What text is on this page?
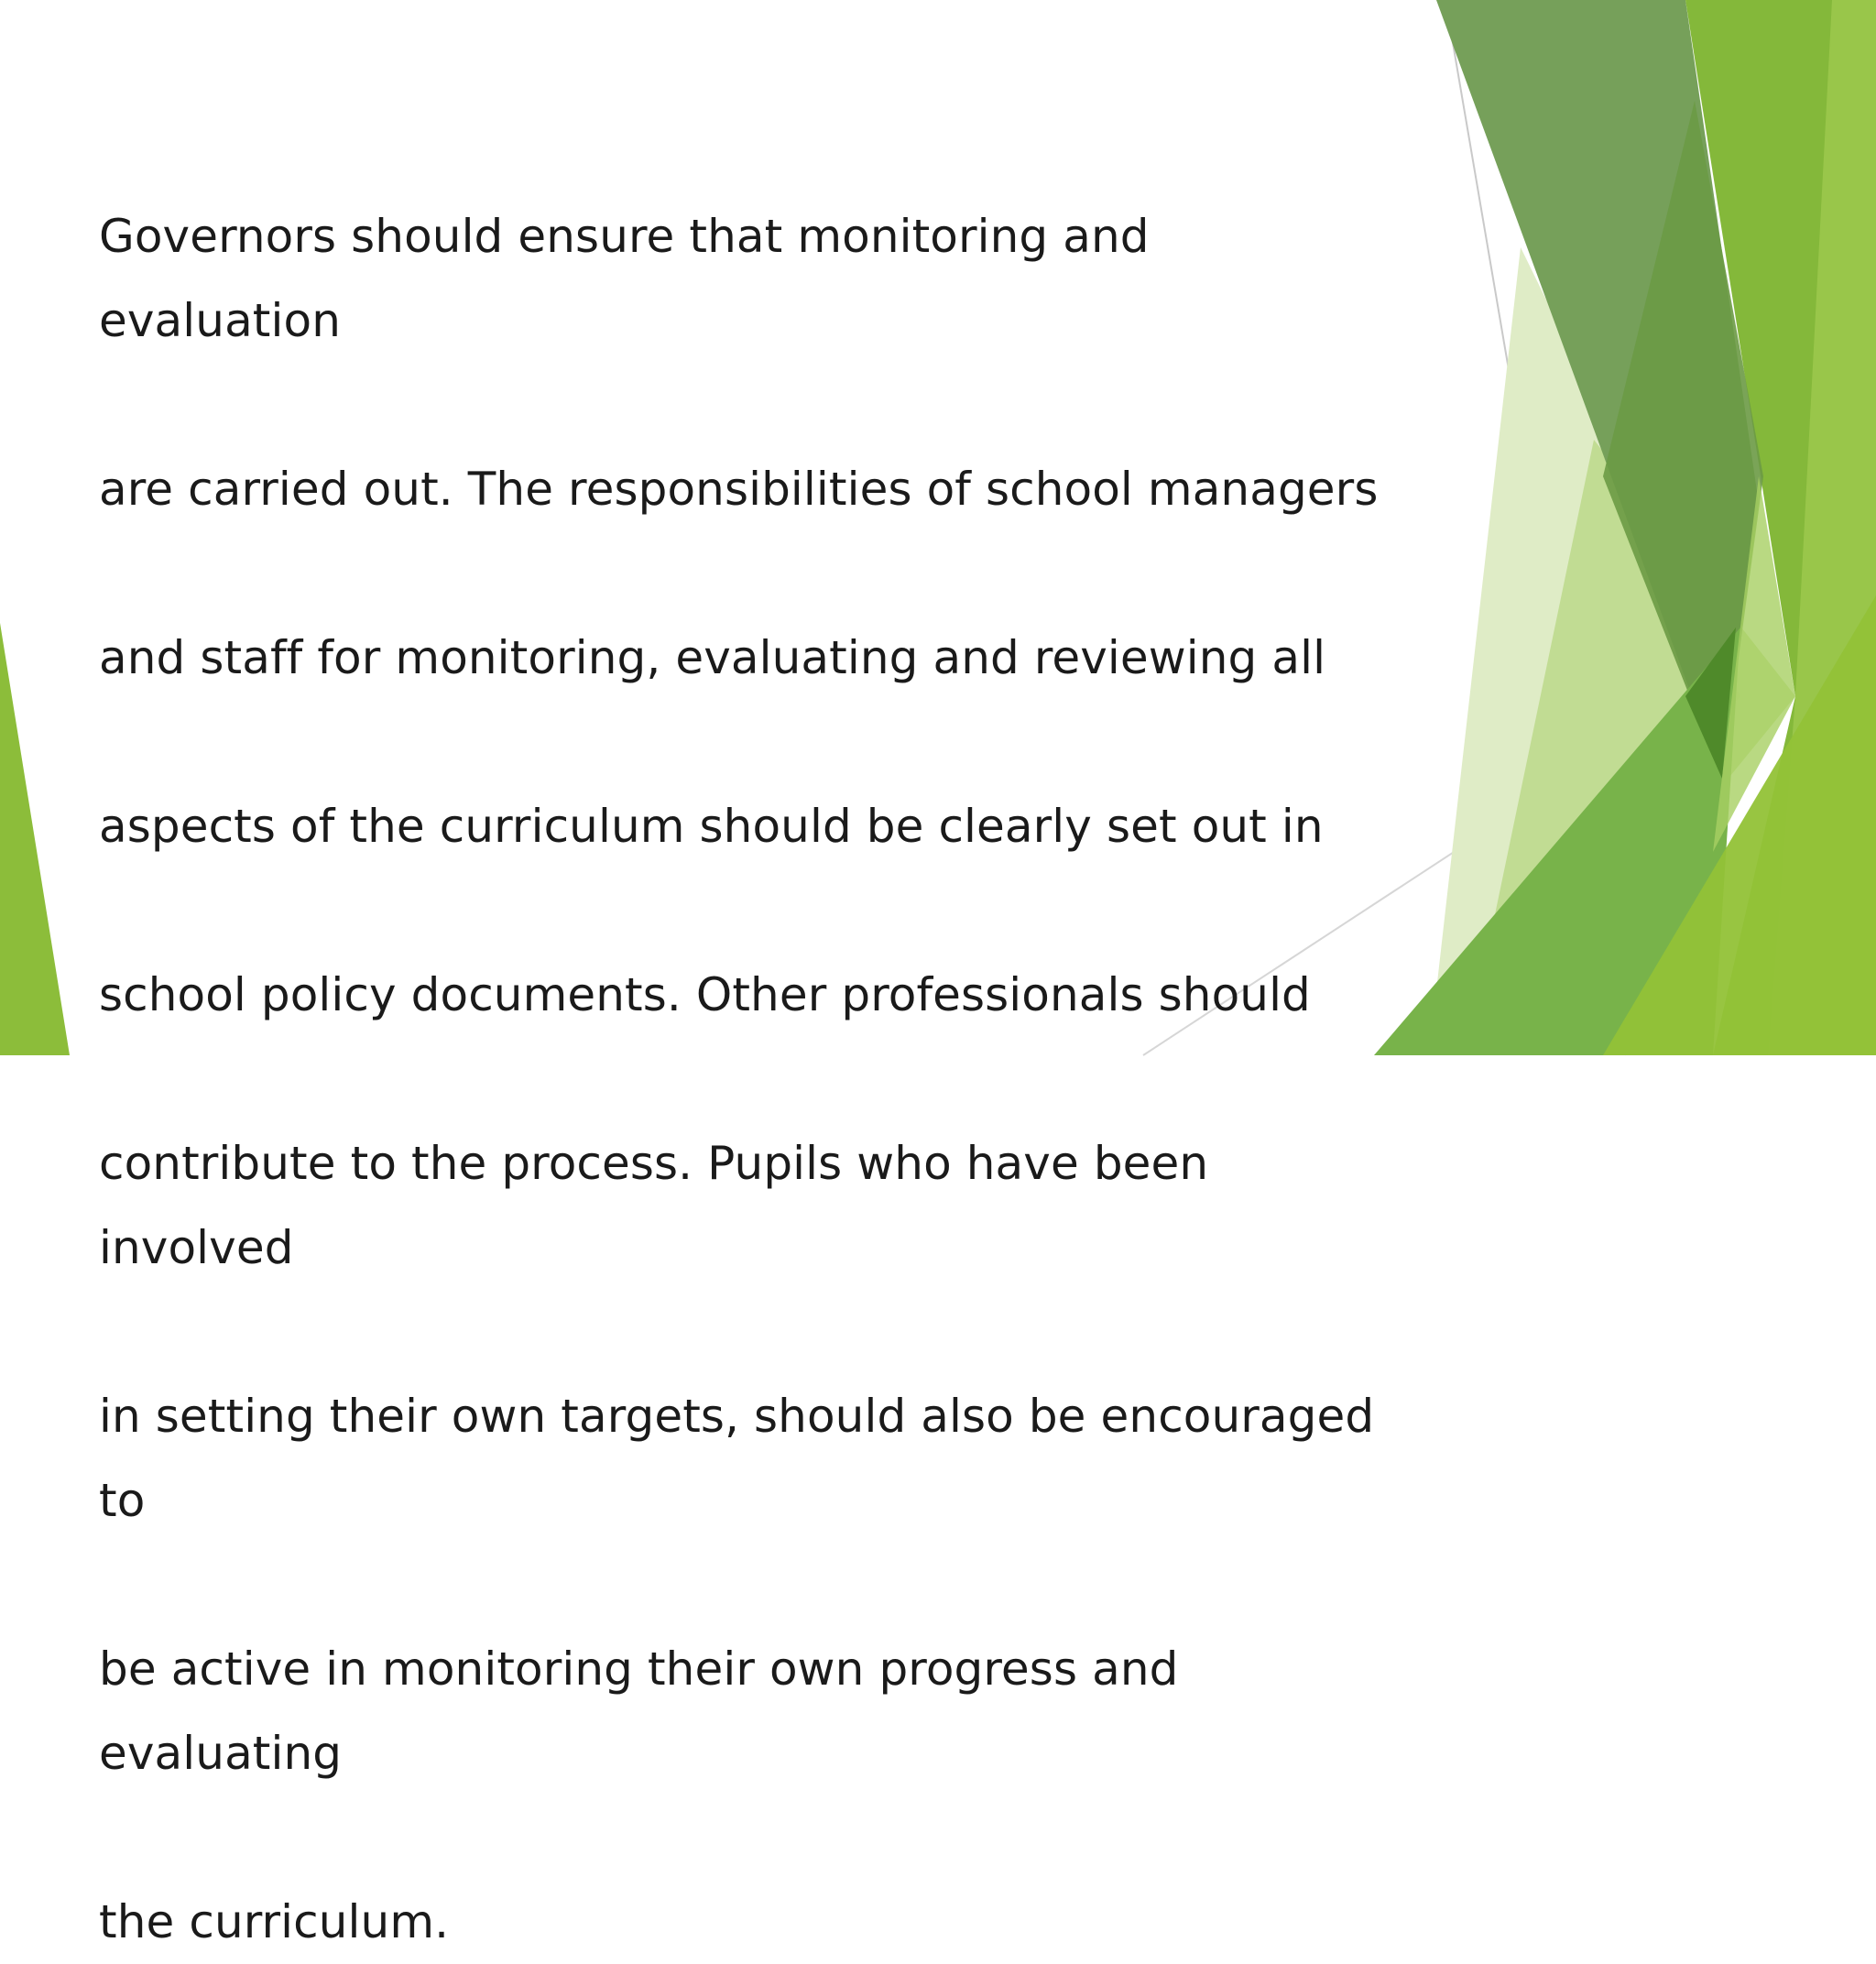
Governors should ensure that monitoring and evaluation

are carried out. The responsibilities of school managers

and staff for monitoring, evaluating and reviewing all

aspects of the curriculum should be clearly set out in

school policy documents. Other professionals should

contribute to the process. Pupils who have been involved

in setting their own targets, should also be encouraged to

be active in monitoring their own progress and evaluating

the curriculum.
